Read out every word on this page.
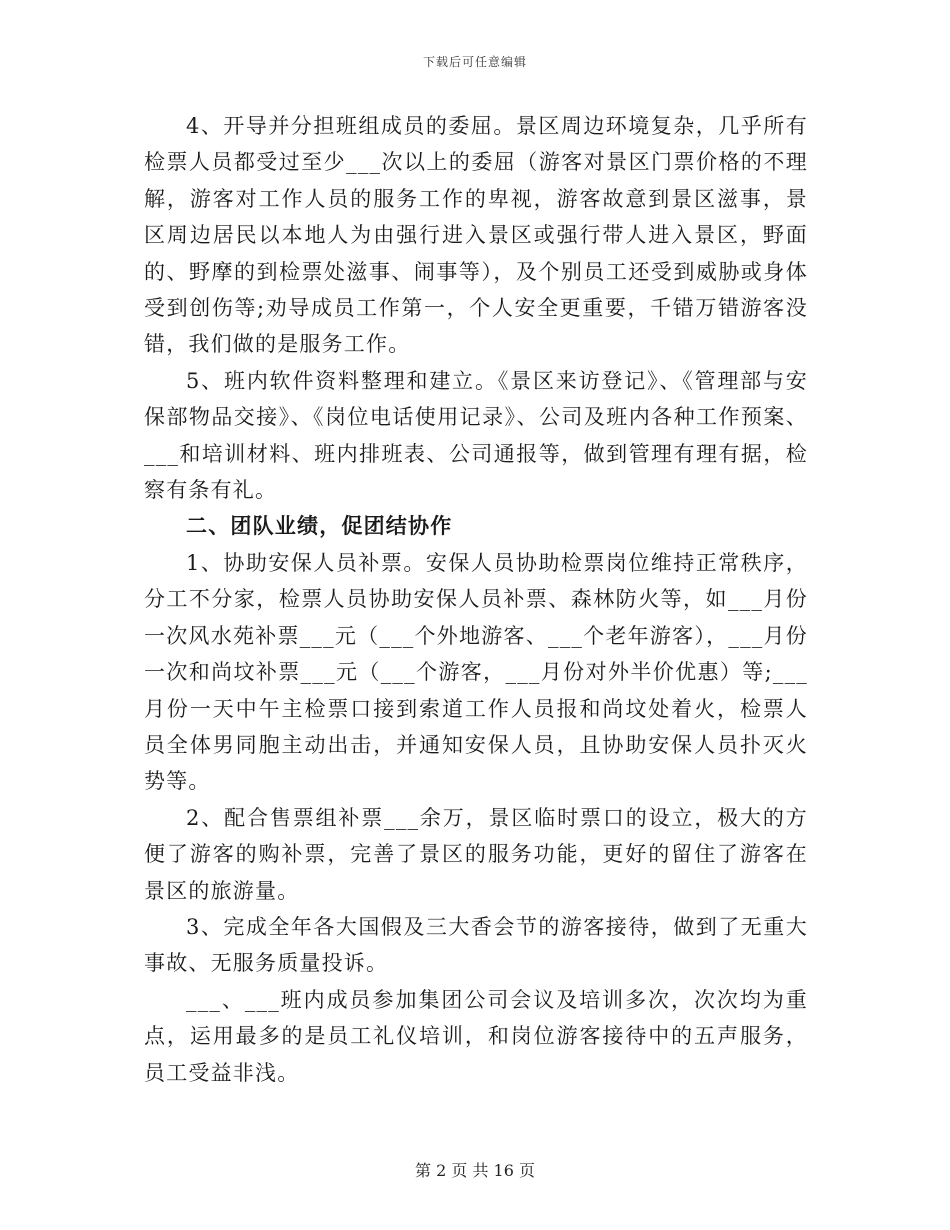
下载后可任意编辑

4、开导并分担班组成员的委屈。景区周边环境复杂，几乎所有检票人员都受过至少___次以上的委屈（游客对景区门票价格的不理解，游客对工作人员的服务工作的卑视，游客故意到景区滋事，景区周边居民以本地人为由强行进入景区或强行带人进入景区，野面的、野摩的到检票处滋事、闹事等），及个别员工还受到威胁或身体受到创伤等;劝导成员工作第一，个人安全更重要，千错万错游客没错，我们做的是服务工作。

5、班内软件资料整理和建立。《景区来访登记》、《管理部与安保部物品交接》、《岗位电话使用记录》、公司及班内各种工作预案、___和培训材料、班内排班表、公司通报等，做到管理有理有据，检察有条有礼。

二、团队业绩，促团结协作

1、协助安保人员补票。安保人员协助检票岗位维持正常秩序，分工不分家，检票人员协助安保人员补票、森林防火等，如___月份一次风水苑补票___元（___个外地游客、___个老年游客），___月份一次和尚坟补票___元（___个游客，___月份对外半价优惠）等;___月份一天中午主检票口接到索道工作人员报和尚坟处着火，检票人员全体男同胞主动出击，并通知安保人员，且协助安保人员扑灭火势等。

2、配合售票组补票___余万，景区临时票口的设立，极大的方便了游客的购补票，完善了景区的服务功能，更好的留住了游客在景区的旅游量。

3、完成全年各大国假及三大香会节的游客接待，做到了无重大事故、无服务质量投诉。

___、___班内成员参加集团公司会议及培训多次，次次均为重点，运用最多的是员工礼仪培训，和岗位游客接待中的五声服务，员工受益非浅。

第 2 页 共 16 页
